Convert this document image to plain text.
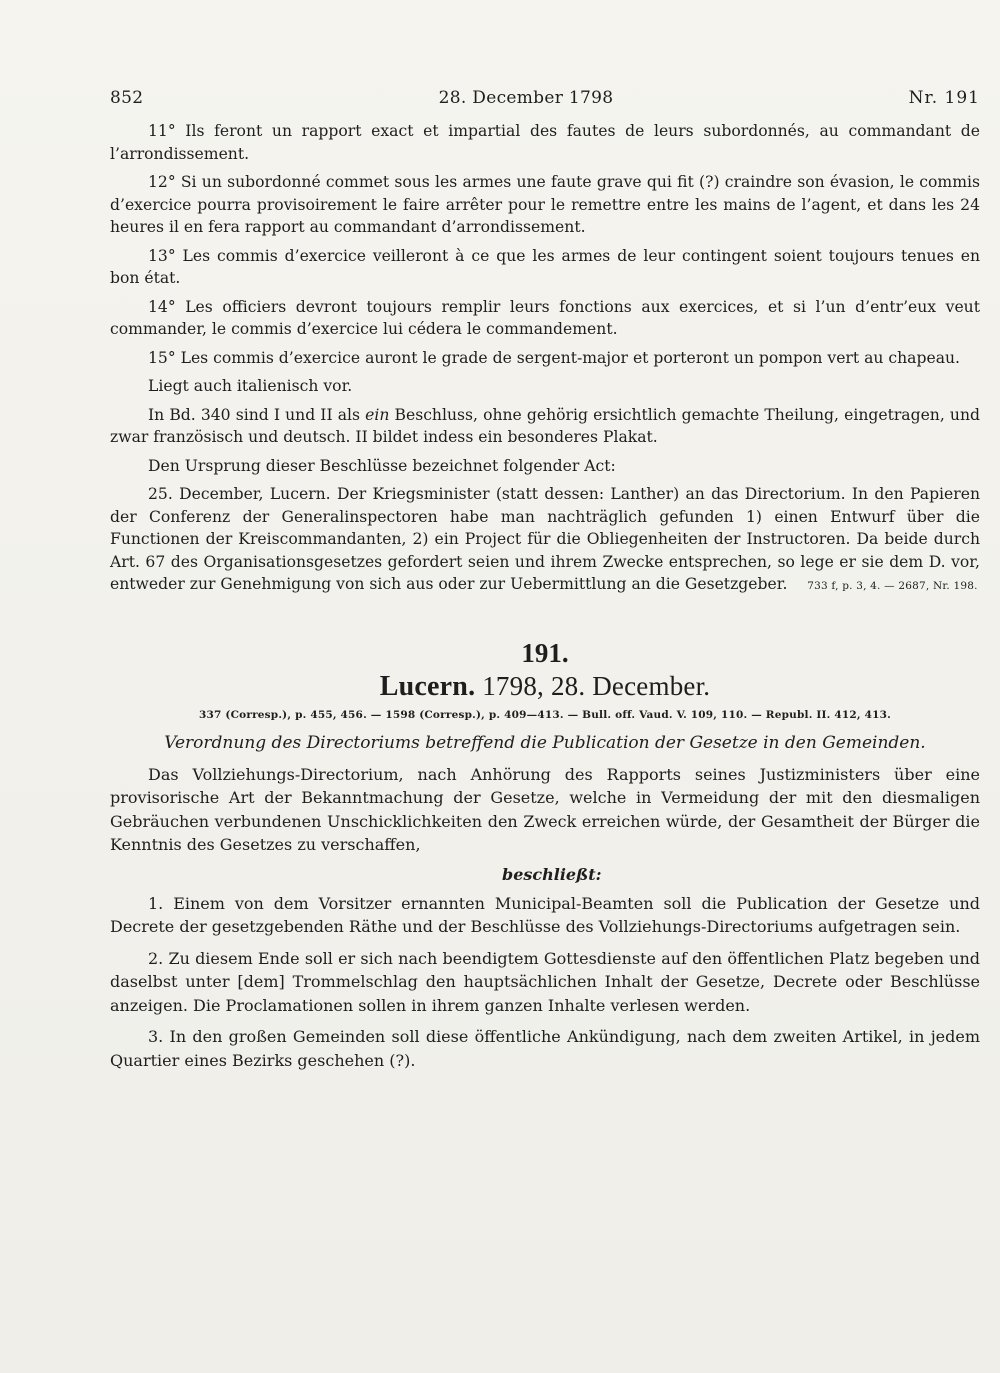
852	28. December 1798	Nr. 191

11° Ils feront un rapport exact et impartial des fautes de leurs subordonnés, au commandant de l’arrondissement.

12° Si un subordonné commet sous les armes une faute grave qui fit (?) craindre son évasion, le commis d’exercice pourra provisoirement le faire arrêter pour le remettre entre les mains de l’agent, et dans les 24 heures il en fera rapport au commandant d’arrondissement.

13° Les commis d’exercice veilleront à ce que les armes de leur contingent soient toujours tenues en bon état.

14° Les officiers devront toujours remplir leurs fonctions aux exercices, et si l’un d’entr’eux veut commander, le commis d’exercice lui cédera le commandement.

15° Les commis d’exercice auront le grade de sergent-major et porteront un pompon vert au chapeau.

Liegt auch italienisch vor.

In Bd. 340 sind I und II als ein Beschluss, ohne gehörig ersichtlich gemachte Theilung, eingetragen, und zwar französisch und deutsch. II bildet indess ein besonderes Plakat.

Den Ursprung dieser Beschlüsse bezeichnet folgender Act:

25. December, Lucern. Der Kriegsminister (statt dessen: Lanther) an das Directorium. In den Papieren der Conferenz der Generalinspectoren habe man nachträglich gefunden 1) einen Entwurf über die Functionen der Kreiscommandanten, 2) ein Project für die Obliegenheiten der Instructoren. Da beide durch Art. 67 des Organisationsgesetzes gefordert seien und ihrem Zwecke entsprechen, so lege er sie dem D. vor, entweder zur Genehmigung von sich aus oder zur Uebermittlung an die Gesetzgeber. 733 f, p. 3, 4. — 2687, Nr. 198.

191.
Lucern. 1798, 28. December.
337 (Corresp.), p. 455, 456. — 1598 (Corresp.), p. 409—413. — Bull. off. Vaud. V. 109, 110. — Republ. II. 412, 413.
Verordnung des Directoriums betreffend die Publication der Gesetze in den Gemeinden.

Das Vollziehungs-Directorium, nach Anhörung des Rapports seines Justizministers über eine provisorische Art der Bekanntmachung der Gesetze, welche in Vermeidung der mit den diesmaligen Gebräuchen verbundenen Unschicklichkeiten den Zweck erreichen würde, der Gesamtheit der Bürger die Kenntnis des Gesetzes zu verschaffen,

beschließt:

1. Einem von dem Vorsitzer ernannten Municipal-Beamten soll die Publication der Gesetze und Decrete der gesetzgebenden Räthe und der Beschlüsse des Vollziehungs-Directoriums aufgetragen sein.

2. Zu diesem Ende soll er sich nach beendigtem Gottesdienste auf den öffentlichen Platz begeben und daselbst unter [dem] Trommelschlag den hauptsächlichen Inhalt der Gesetze, Decrete oder Beschlüsse anzeigen. Die Proclamationen sollen in ihrem ganzen Inhalte verlesen werden.

3. In den großen Gemeinden soll diese öffentliche Ankündigung, nach dem zweiten Artikel, in jedem Quartier eines Bezirks geschehen (?).
